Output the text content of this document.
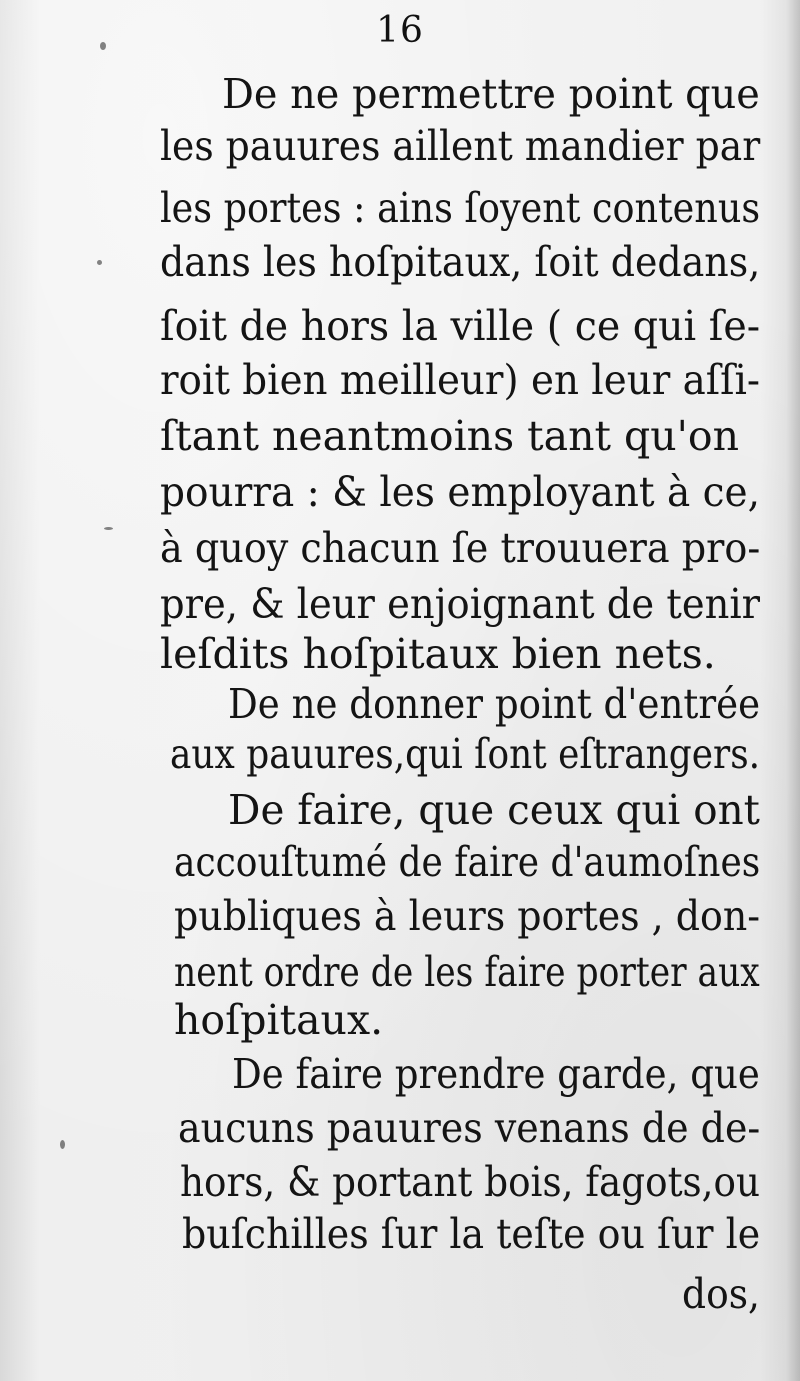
16
De ne permettre point que
les pauures aillent mandier par
les portes : ains ſoyent contenus
dans les hoſpitaux, ſoit dedans,
ſoit de hors la ville ( ce qui ſe-
roit bien meilleur) en leur aſſi-
ſtant neantmoins tant qu'on
pourra : & les employant à ce,
à quoy chacun ſe trouuera pro-
pre, & leur enjoignant de tenir
leſdits hoſpitaux bien nets.
De ne donner point d'entrée
aux pauures,qui ſont eſtrangers.
De faire, que ceux qui ont
accouſtumé de faire d'aumoſnes
publiques à leurs portes , don-
nent ordre de les faire porter aux
hoſpitaux.
De faire prendre garde, que
aucuns pauures venans de de-
hors, & portant bois, fagots,ou
buſchilles ſur la teſte ou ſur le
dos,
